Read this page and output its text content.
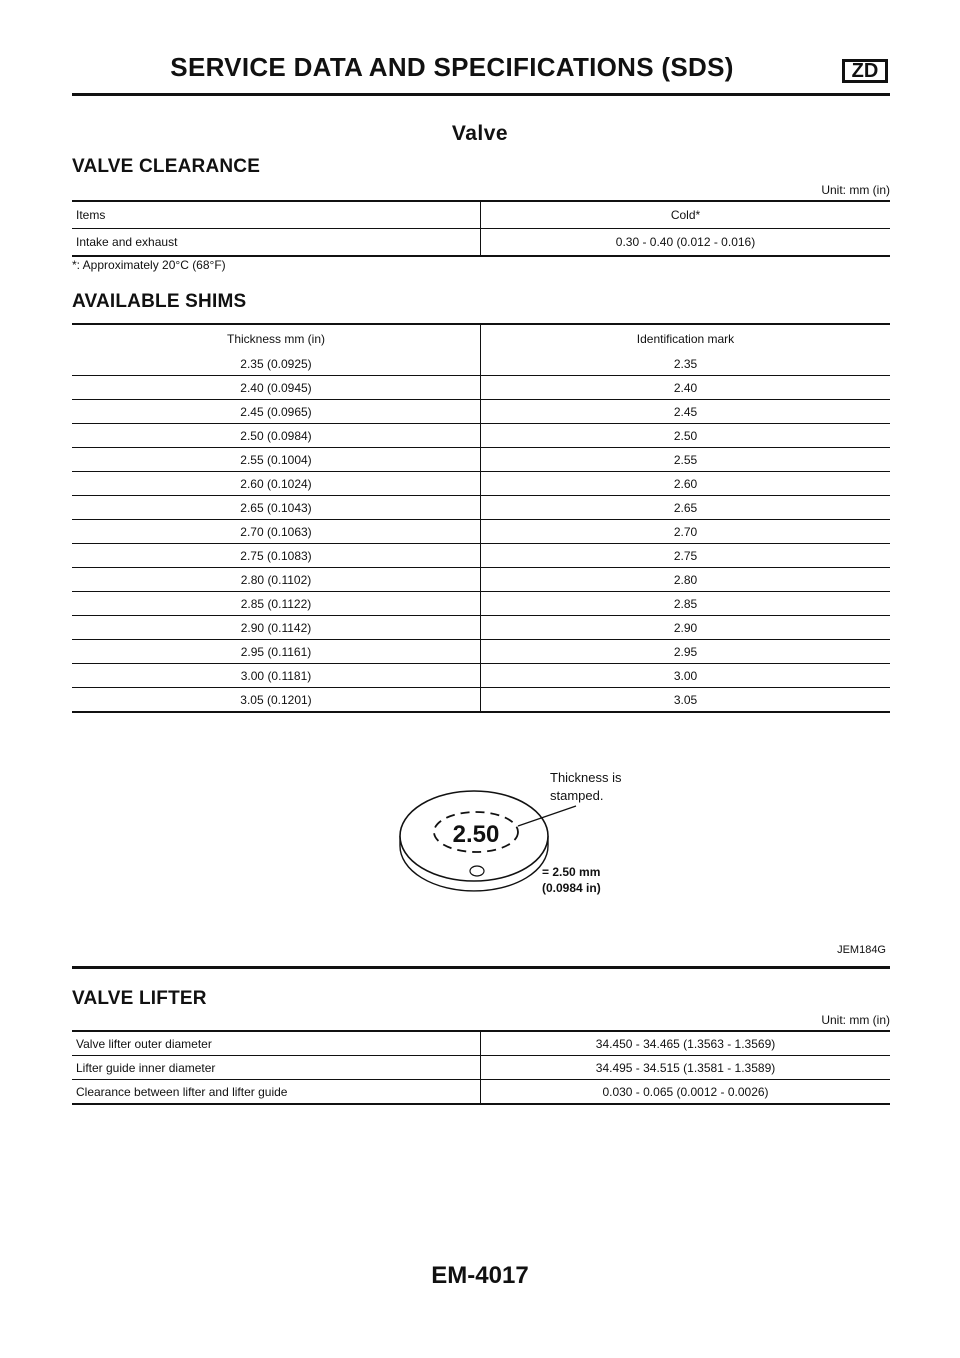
SERVICE DATA AND SPECIFICATIONS (SDS)	ZD
Valve
VALVE CLEARANCE
Unit: mm (in)
Items	Cold*
Intake and exhaust	0.30 - 0.40 (0.012 - 0.016)
*: Approximately 20°C (68°F)
AVAILABLE SHIMS
Thickness mm (in)	Identification mark
2.35 (0.0925)	2.35
2.40 (0.0945)	2.40
2.45 (0.0965)	2.45
2.50 (0.0984)	2.50
2.55 (0.1004)	2.55
2.60 (0.1024)	2.60
2.65 (0.1043)	2.65
2.70 (0.1063)	2.70
2.75 (0.1083)	2.75
2.80 (0.1102)	2.80
2.85 (0.1122)	2.85
2.90 (0.1142)	2.90
2.95 (0.1161)	2.95
3.00 (0.1181)	3.00
3.05 (0.1201)	3.05
2.50
Thickness is
stamped.
= 2.50 mm
(0.0984 in)
JEM184G
VALVE LIFTER
Unit: mm (in)
Valve lifter outer diameter	34.450 - 34.465 (1.3563 - 1.3569)
Lifter guide inner diameter	34.495 - 34.515 (1.3581 - 1.3589)
Clearance between lifter and lifter guide	0.030 - 0.065 (0.0012 - 0.0026)
EM-4017
